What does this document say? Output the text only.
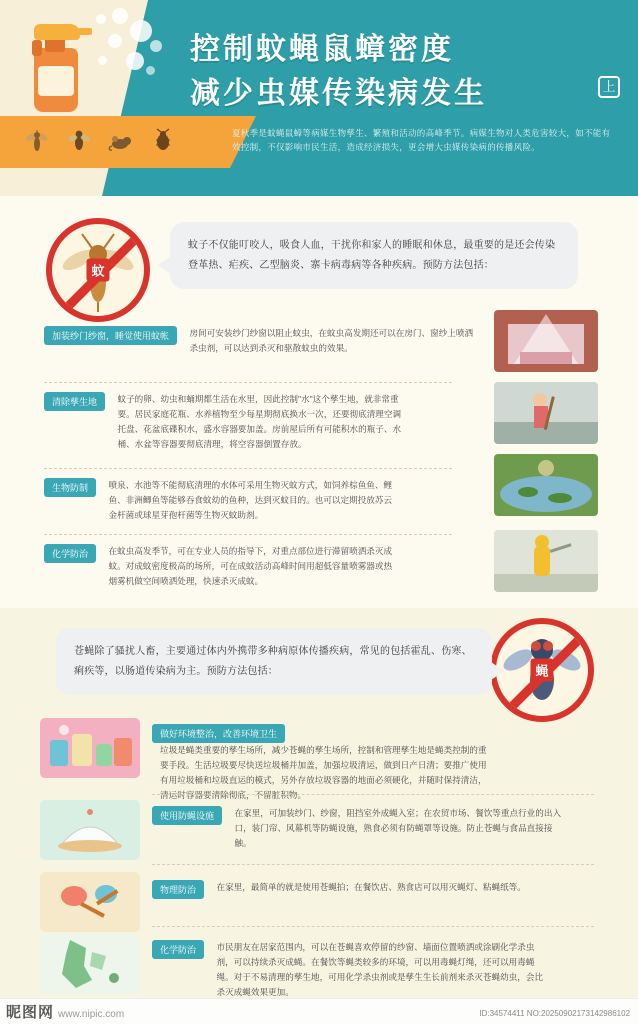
控制蚊蝇鼠蟑密度
减少虫媒传染病发生	上
夏秋季是蚊蝇鼠蟑等病媒生物孳生、繁殖和活动的高峰季节。病媒生物对人类危害较大，如不能有效控制，不仅影响市民生活，造成经济损失，更会增大虫媒传染病的传播风险。
蚊
蚊子不仅能叮咬人，吸食人血，干扰你和家人的睡眠和休息，最重要的是还会传染登革热、疟疾、乙型脑炎、寨卡病毒病等各种疾病。预防方法包括：
加装纱门纱窗，睡觉使用蚊帐 房间可安装纱门纱窗以阻止蚊虫，在蚊虫高发期还可以在房门、窗纱上喷洒杀虫剂，可以达到杀灭和驱散蚊虫的效果。
清除孳生地 蚊子的卵、幼虫和蛹期都生活在水里，因此控制"水"这个孳生地，就非常重要。居民家庭花瓶、水养植物至少每星期彻底换水一次，还要彻底清理空调托盘、花盆底碟积水，盛水容器要加盖。房前屋后所有可能积水的瓶子、水桶、水盆等容器要彻底清理，将空容器倒置存放。
生物防制 喷泉、水池等不能彻底清理的水体可采用生物灭蚊方式，如饲养棕鱼鱼、鲤鱼、非洲鲫鱼等能够吞食蚊幼的鱼种，达到灭蚊目的。也可以定期投放苏云金杆菌或球星芽孢杆菌等生物灭蚊助剂。
化学防治 在蚊虫高发季节，可在专业人员的指导下，对重点部位进行滞留喷洒杀灭成蚊。对成蚊密度极高的场所，可在成蚊活动高峰时间用超低容量喷雾器或热烟雾机做空间喷洒处理，快速杀灭成蚊。
蝇
苍蝇除了骚扰人畜，主要通过体内外携带多种病原体传播疾病，常见的包括霍乱、伤寒、痢疾等，以肠道传染病为主。预防方法包括：
做好环境整治，改善环境卫生 垃圾是蝇类重要的孳生场所，减少苍蝇的孳生场所，控制和管理孳生地是蝇类控制的重要手段。生活垃圾要尽快送垃圾桶并加盖，加强垃圾清运，做到日产日清；要推广使用有用垃圾桶和垃圾直运的模式，另外存放垃圾容器的地面必须硬化，并随时保持清洁，清运时容器要清除彻底，不留脏积物。
使用防蝇设施 在家里，可加装纱门、纱窗，阻挡室外成蝇入室；在农贸市场、餐饮等重点行业的出入口，装门帘、风幕机等防蝇设施，熟食必须有防蝇罩等设施。防止苍蝇与食品直接接触。
物理防治 在家里，最简单的就是使用苍蝇拍；在餐饮店、熟食店可以用灭蝇灯、粘蝇纸等。
化学防治 市民朋友在居家范围内，可以在苍蝇喜欢停留的纱窗、墙面位置喷洒或涂刷化学杀虫剂，可以持续杀灭成蝇。在餐饮等蝇类较多的环境，可以用毒蝇灯绳，还可以用毒蝇绳。对于不易清理的孳生地，可用化学杀虫剂或是孳生生长前剂来杀灭苍蝇幼虫，会比杀灭成蝇效果更加。
昵图网 www.nipic.com	ID:34574411 NO:20250902173142986102
